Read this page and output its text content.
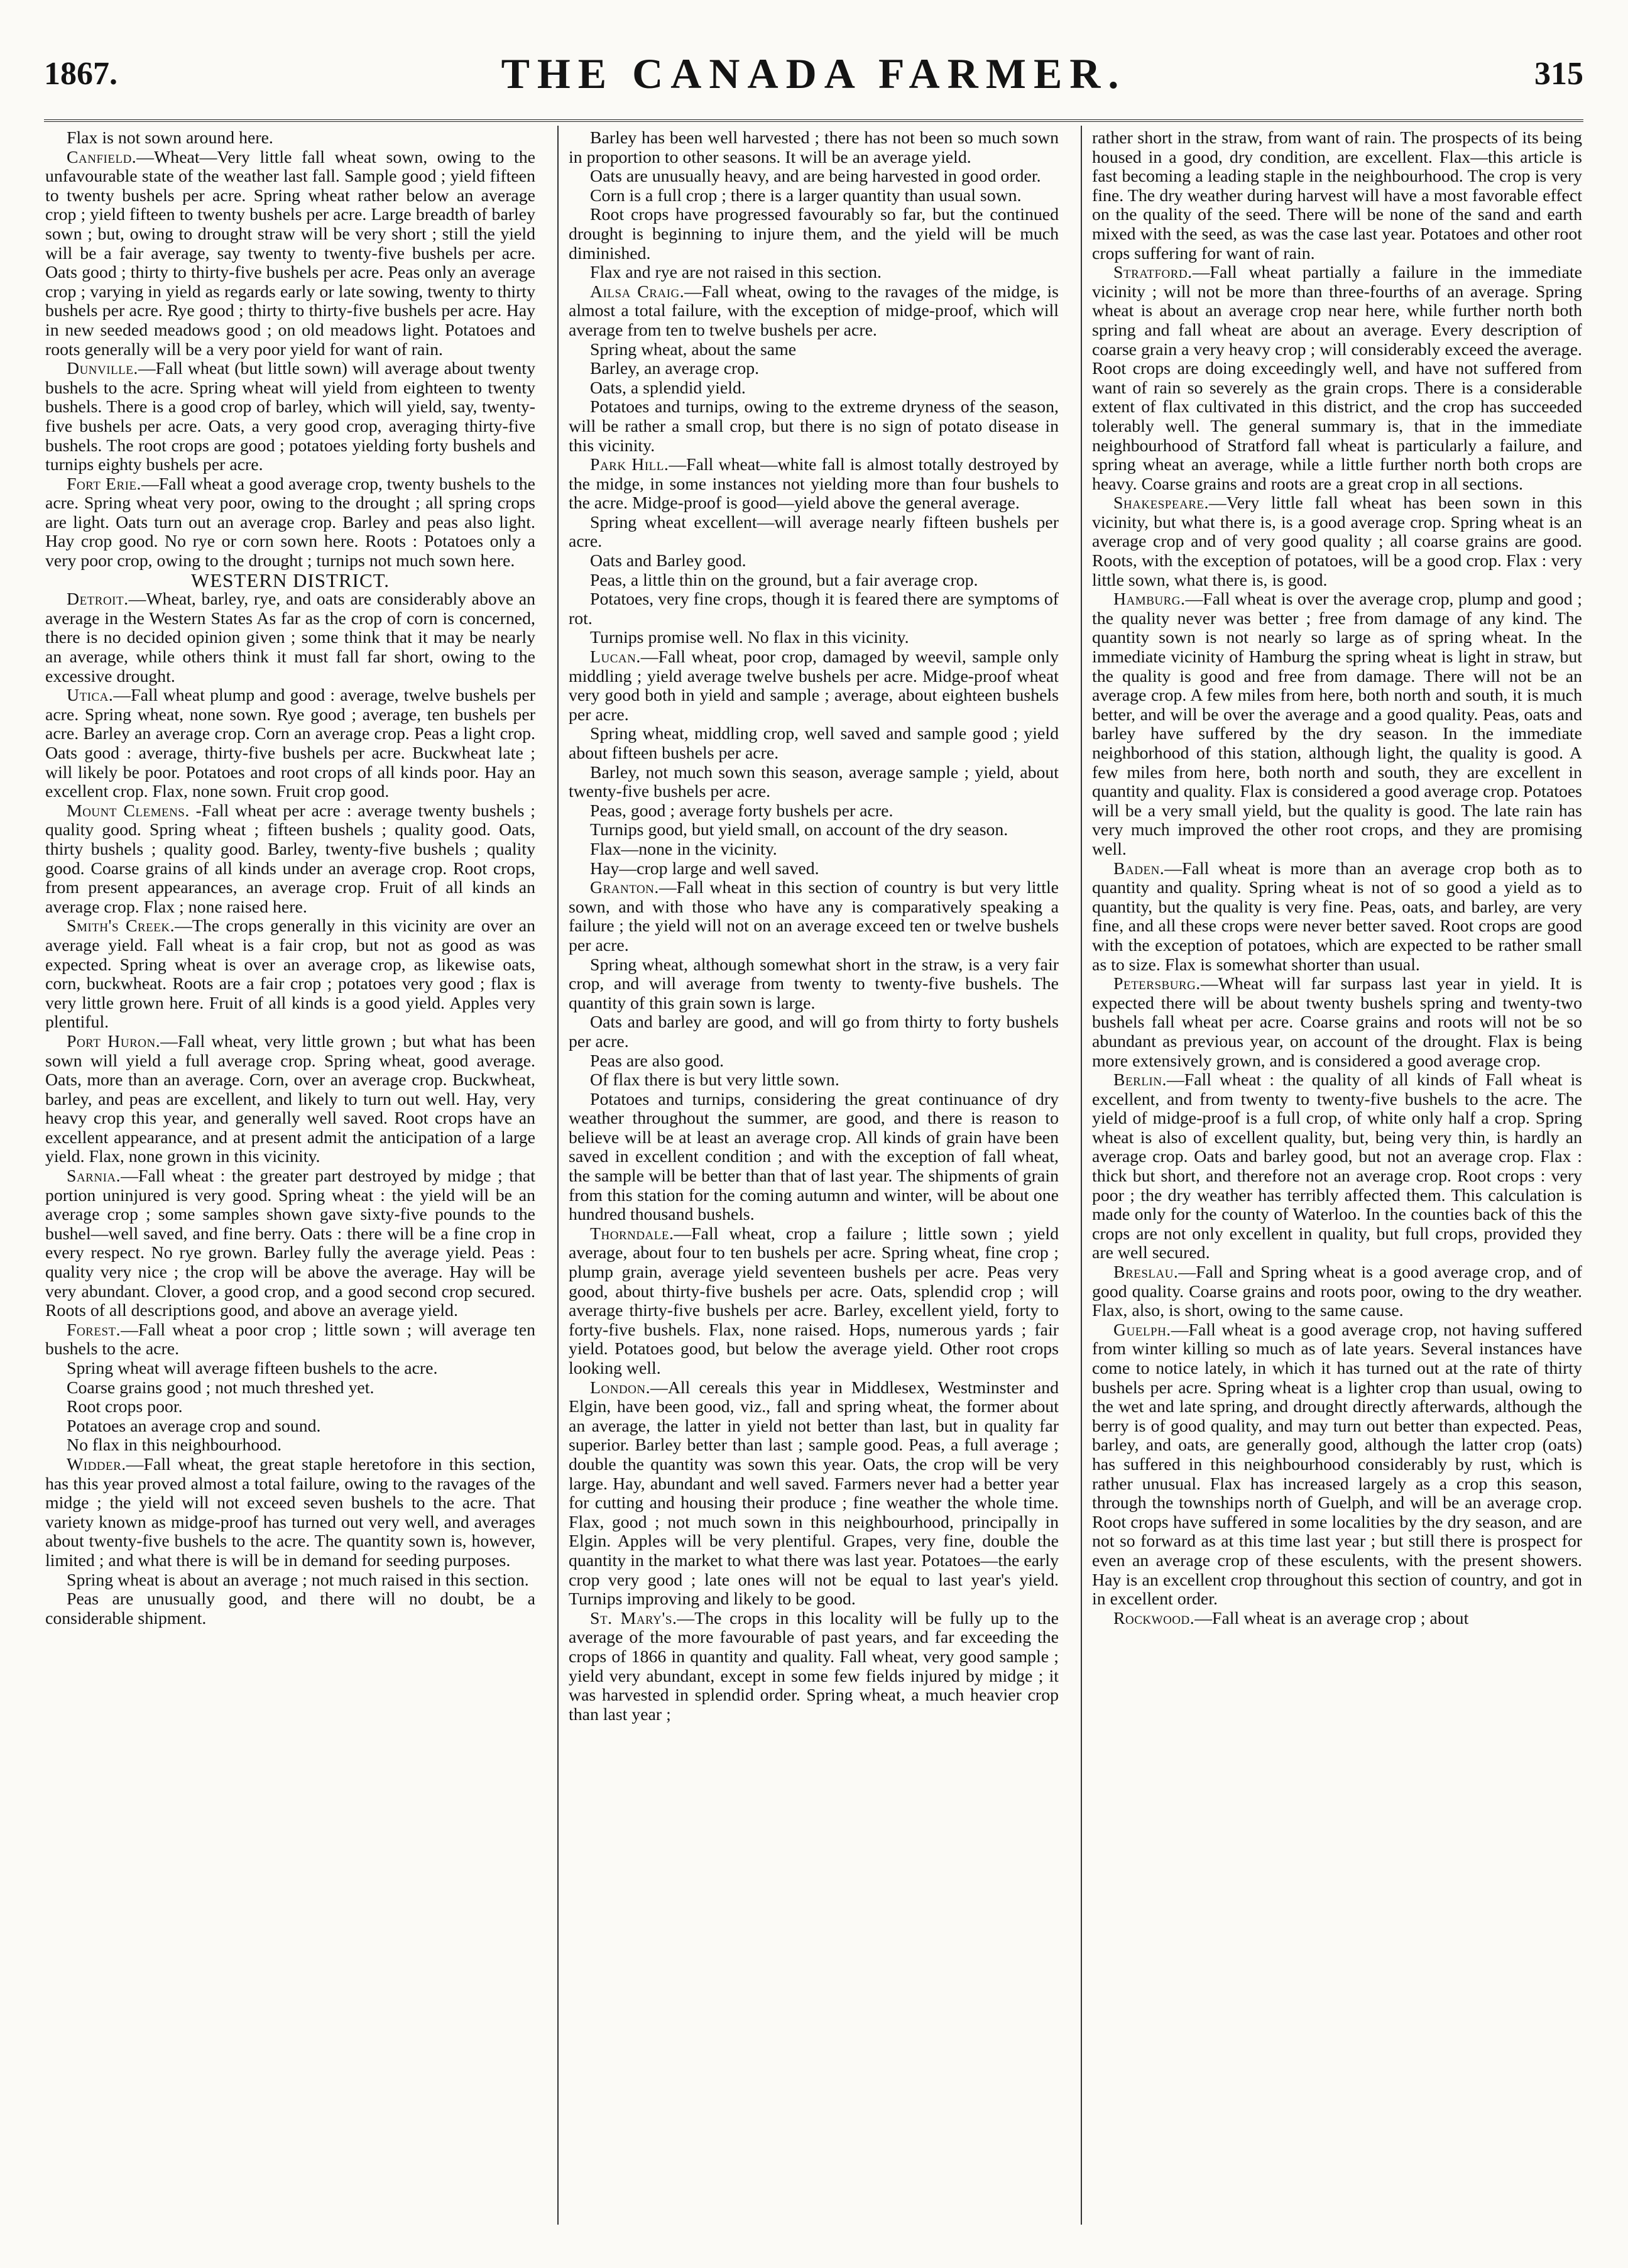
1867.	THE CANADA FARMER.	315

Flax is not sown around here.

Canfield.—Wheat—Very little fall wheat sown, owing to the unfavourable state of the weather last fall. Sample good ; yield fifteen to twenty bushels per acre. Spring wheat rather below an average crop ; yield fifteen to twenty bushels per acre. Large breadth of barley sown ; but, owing to drought straw will be very short ; still the yield will be a fair average, say twenty to twenty-five bushels per acre. Oats good ; thirty to thirty-five bushels per acre. Peas only an average crop ; varying in yield as regards early or late sowing, twenty to thirty bushels per acre. Rye good ; thirty to thirty-five bushels per acre. Hay in new seeded meadows good ; on old meadows light. Potatoes and roots generally will be a very poor yield for want of rain.

Dunville.—Fall wheat (but little sown) will average about twenty bushels to the acre. Spring wheat will yield from eighteen to twenty bushels. There is a good crop of barley, which will yield, say, twenty-five bushels per acre. Oats, a very good crop, averaging thirty-five bushels. The root crops are good ; potatoes yielding forty bushels and turnips eighty bushels per acre.

Fort Erie.—Fall wheat a good average crop, twenty bushels to the acre. Spring wheat very poor, owing to the drought ; all spring crops are light. Oats turn out an average crop. Barley and peas also light. Hay crop good. No rye or corn sown here. Roots : Potatoes only a very poor crop, owing to the drought ; turnips not much sown here.

WESTERN DISTRICT.

Detroit.—Wheat, barley, rye, and oats are considerably above an average in the Western States As far as the crop of corn is concerned, there is no decided opinion given ; some think that it may be nearly an average, while others think it must fall far short, owing to the excessive drought.

Utica.—Fall wheat plump and good : average, twelve bushels per acre. Spring wheat, none sown. Rye good ; average, ten bushels per acre. Barley an average crop. Corn an average crop. Peas a light crop. Oats good : average, thirty-five bushels per acre. Buckwheat late ; will likely be poor. Potatoes and root crops of all kinds poor. Hay an excellent crop. Flax, none sown. Fruit crop good.

Mount Clemens. -Fall wheat per acre : average twenty bushels ; quality good. Spring wheat ; fifteen bushels ; quality good. Oats, thirty bushels ; quality good. Barley, twenty-five bushels ; quality good. Coarse grains of all kinds under an average crop. Root crops, from present appearances, an average crop. Fruit of all kinds an average crop. Flax ; none raised here.

Smith's Creek.—The crops generally in this vicinity are over an average yield. Fall wheat is a fair crop, but not as good as was expected. Spring wheat is over an average crop, as likewise oats, corn, buckwheat. Roots are a fair crop ; potatoes very good ; flax is very little grown here. Fruit of all kinds is a good yield. Apples very plentiful.

Port Huron.—Fall wheat, very little grown ; but what has been sown will yield a full average crop. Spring wheat, good average. Oats, more than an average. Corn, over an average crop. Buckwheat, barley, and peas are excellent, and likely to turn out well. Hay, very heavy crop this year, and generally well saved. Root crops have an excellent appearance, and at present admit the anticipation of a large yield. Flax, none grown in this vicinity.

Sarnia.—Fall wheat : the greater part destroyed by midge ; that portion uninjured is very good. Spring wheat : the yield will be an average crop ; some samples shown gave sixty-five pounds to the bushel—well saved, and fine berry. Oats : there will be a fine crop in every respect. No rye grown. Barley fully the average yield. Peas : quality very nice ; the crop will be above the average. Hay will be very abundant. Clover, a good crop, and a good second crop secured. Roots of all descriptions good, and above an average yield.

Forest.—Fall wheat a poor crop ; little sown ; will average ten bushels to the acre.

Spring wheat will average fifteen bushels to the acre.

Coarse grains good ; not much threshed yet.

Root crops poor.

Potatoes an average crop and sound.

No flax in this neighbourhood.

Widder.—Fall wheat, the great staple heretofore in this section, has this year proved almost a total failure, owing to the ravages of the midge ; the yield will not exceed seven bushels to the acre. That variety known as midge-proof has turned out very well, and averages about twenty-five bushels to the acre. The quantity sown is, however, limited ; and what there is will be in demand for seeding purposes.

Spring wheat is about an average ; not much raised in this section.

Peas are unusually good, and there will no doubt, be a considerable shipment.

Barley has been well harvested ; there has not been so much sown in proportion to other seasons. It will be an average yield.

Oats are unusually heavy, and are being harvested in good order.

Corn is a full crop ; there is a larger quantity than usual sown.

Root crops have progressed favourably so far, but the continued drought is beginning to injure them, and the yield will be much diminished.

Flax and rye are not raised in this section.

Ailsa Craig.—Fall wheat, owing to the ravages of the midge, is almost a total failure, with the exception of midge-proof, which will average from ten to twelve bushels per acre.

Spring wheat, about the same

Barley, an average crop.

Oats, a splendid yield.

Potatoes and turnips, owing to the extreme dryness of the season, will be rather a small crop, but there is no sign of potato disease in this vicinity.

Park Hill.—Fall wheat—white fall is almost totally destroyed by the midge, in some instances not yielding more than four bushels to the acre. Midge-proof is good—yield above the general average.

Spring wheat excellent—will average nearly fifteen bushels per acre.

Oats and Barley good.

Peas, a little thin on the ground, but a fair average crop.

Potatoes, very fine crops, though it is feared there are symptoms of rot.

Turnips promise well. No flax in this vicinity.

Lucan.—Fall wheat, poor crop, damaged by weevil, sample only middling ; yield average twelve bushels per acre. Midge-proof wheat very good both in yield and sample ; average, about eighteen bushels per acre.

Spring wheat, middling crop, well saved and sample good ; yield about fifteen bushels per acre.

Barley, not much sown this season, average sample ; yield, about twenty-five bushels per acre.

Peas, good ; average forty bushels per acre.

Turnips good, but yield small, on account of the dry season.

Flax—none in the vicinity.

Hay—crop large and well saved.

Granton.—Fall wheat in this section of country is but very little sown, and with those who have any is comparatively speaking a failure ; the yield will not on an average exceed ten or twelve bushels per acre.

Spring wheat, although somewhat short in the straw, is a very fair crop, and will average from twenty to twenty-five bushels. The quantity of this grain sown is large.

Oats and barley are good, and will go from thirty to forty bushels per acre.

Peas are also good.

Of flax there is but very little sown.

Potatoes and turnips, considering the great continuance of dry weather throughout the summer, are good, and there is reason to believe will be at least an average crop. All kinds of grain have been saved in excellent condition ; and with the exception of fall wheat, the sample will be better than that of last year. The shipments of grain from this station for the coming autumn and winter, will be about one hundred thousand bushels.

Thorndale.—Fall wheat, crop a failure ; little sown ; yield average, about four to ten bushels per acre. Spring wheat, fine crop ; plump grain, average yield seventeen bushels per acre. Peas very good, about thirty-five bushels per acre. Oats, splendid crop ; will average thirty-five bushels per acre. Barley, excellent yield, forty to forty-five bushels. Flax, none raised. Hops, numerous yards ; fair yield. Potatoes good, but below the average yield. Other root crops looking well.

London.—All cereals this year in Middlesex, Westminster and Elgin, have been good, viz., fall and spring wheat, the former about an average, the latter in yield not better than last, but in quality far superior. Barley better than last ; sample good. Peas, a full average ; double the quantity was sown this year. Oats, the crop will be very large. Hay, abundant and well saved. Farmers never had a better year for cutting and housing their produce ; fine weather the whole time. Flax, good ; not much sown in this neighbourhood, principally in Elgin. Apples will be very plentiful. Grapes, very fine, double the quantity in the market to what there was last year. Potatoes—the early crop very good ; late ones will not be equal to last year's yield. Turnips improving and likely to be good.

St. Mary's.—The crops in this locality will be fully up to the average of the more favourable of past years, and far exceeding the crops of 1866 in quantity and quality. Fall wheat, very good sample ; yield very abundant, except in some few fields injured by midge ; it was harvested in splendid order. Spring wheat, a much heavier crop than last year ;

rather short in the straw, from want of rain. The prospects of its being housed in a good, dry condition, are excellent. Flax—this article is fast becoming a leading staple in the neighbourhood. The crop is very fine. The dry weather during harvest will have a most favorable effect on the quality of the seed. There will be none of the sand and earth mixed with the seed, as was the case last year. Potatoes and other root crops suffering for want of rain.

Stratford.—Fall wheat partially a failure in the immediate vicinity ; will not be more than three-fourths of an average. Spring wheat is about an average crop near here, while further north both spring and fall wheat are about an average. Every description of coarse grain a very heavy crop ; will considerably exceed the average. Root crops are doing exceedingly well, and have not suffered from want of rain so severely as the grain crops. There is a considerable extent of flax cultivated in this district, and the crop has succeeded tolerably well. The general summary is, that in the immediate neighbourhood of Stratford fall wheat is particularly a failure, and spring wheat an average, while a little further north both crops are heavy. Coarse grains and roots are a great crop in all sections.

Shakespeare.—Very little fall wheat has been sown in this vicinity, but what there is, is a good average crop. Spring wheat is an average crop and of very good quality ; all coarse grains are good. Roots, with the exception of potatoes, will be a good crop. Flax : very little sown, what there is, is good.

Hamburg.—Fall wheat is over the average crop, plump and good ; the quality never was better ; free from damage of any kind. The quantity sown is not nearly so large as of spring wheat. In the immediate vicinity of Hamburg the spring wheat is light in straw, but the quality is good and free from damage. There will not be an average crop. A few miles from here, both north and south, it is much better, and will be over the average and a good quality. Peas, oats and barley have suffered by the dry season. In the immediate neighborhood of this station, although light, the quality is good. A few miles from here, both north and south, they are excellent in quantity and quality. Flax is considered a good average crop. Potatoes will be a very small yield, but the quality is good. The late rain has very much improved the other root crops, and they are promising well.

Baden.—Fall wheat is more than an average crop both as to quantity and quality. Spring wheat is not of so good a yield as to quantity, but the quality is very fine. Peas, oats, and barley, are very fine, and all these crops were never better saved. Root crops are good with the exception of potatoes, which are expected to be rather small as to size. Flax is somewhat shorter than usual.

Petersburg.—Wheat will far surpass last year in yield. It is expected there will be about twenty bushels spring and twenty-two bushels fall wheat per acre. Coarse grains and roots will not be so abundant as previous year, on account of the drought. Flax is being more extensively grown, and is considered a good average crop.

Berlin.—Fall wheat : the quality of all kinds of Fall wheat is excellent, and from twenty to twenty-five bushels to the acre. The yield of midge-proof is a full crop, of white only half a crop. Spring wheat is also of excellent quality, but, being very thin, is hardly an average crop. Oats and barley good, but not an average crop. Flax : thick but short, and therefore not an average crop. Root crops : very poor ; the dry weather has terribly affected them. This calculation is made only for the county of Waterloo. In the counties back of this the crops are not only excellent in quality, but full crops, provided they are well secured.

Breslau.—Fall and Spring wheat is a good average crop, and of good quality. Coarse grains and roots poor, owing to the dry weather. Flax, also, is short, owing to the same cause.

Guelph.—Fall wheat is a good average crop, not having suffered from winter killing so much as of late years. Several instances have come to notice lately, in which it has turned out at the rate of thirty bushels per acre. Spring wheat is a lighter crop than usual, owing to the wet and late spring, and drought directly afterwards, although the berry is of good quality, and may turn out better than expected. Peas, barley, and oats, are generally good, although the latter crop (oats) has suffered in this neighbourhood considerably by rust, which is rather unusual. Flax has increased largely as a crop this season, through the townships north of Guelph, and will be an average crop. Root crops have suffered in some localities by the dry season, and are not so forward as at this time last year ; but still there is prospect for even an average crop of these esculents, with the present showers. Hay is an excellent crop throughout this section of country, and got in in excellent order.

Rockwood.—Fall wheat is an average crop ; about
